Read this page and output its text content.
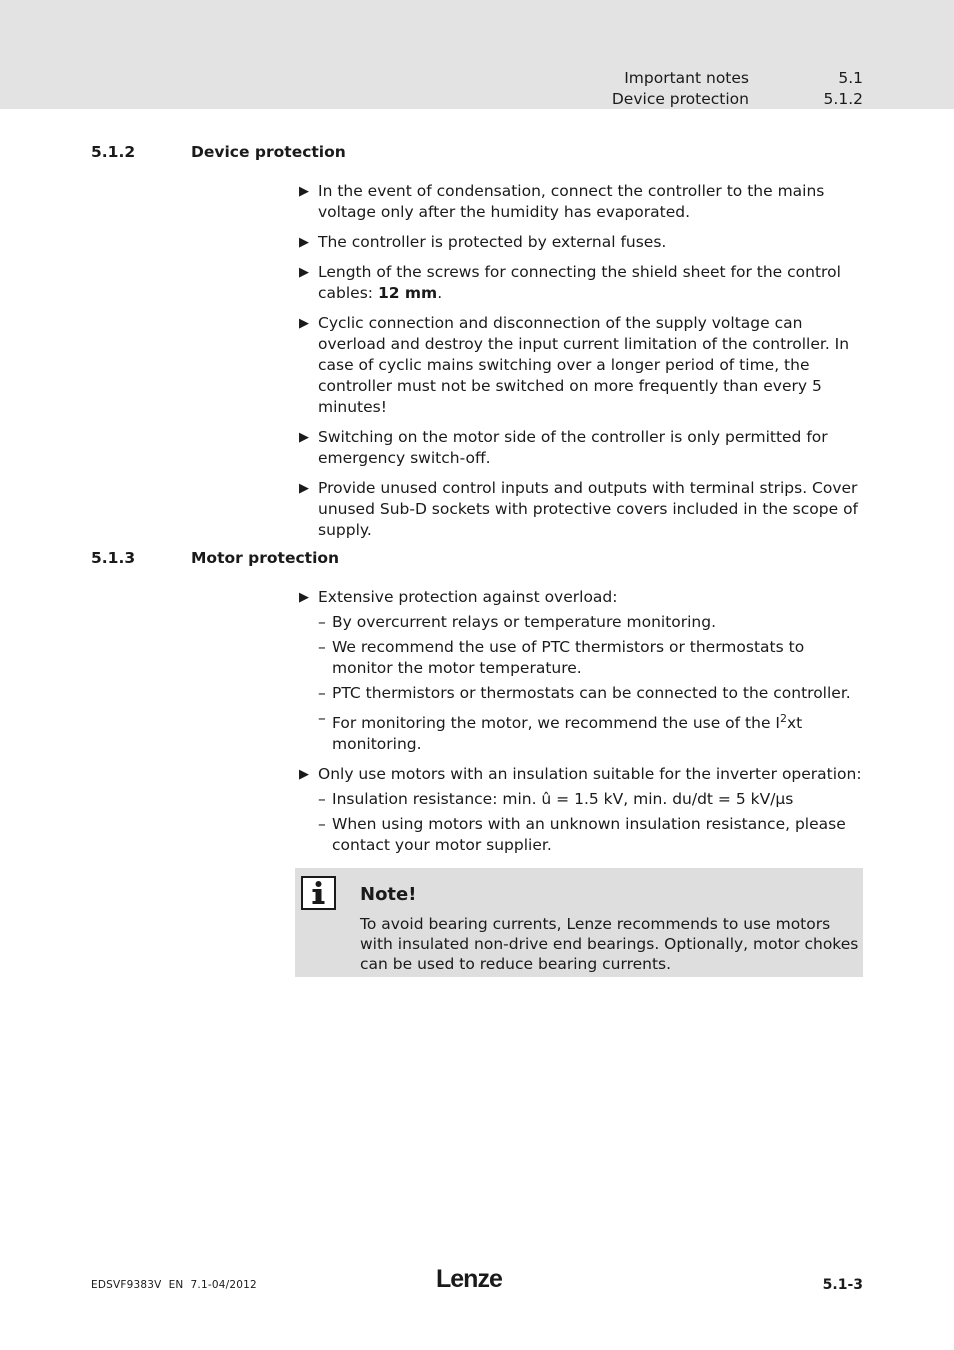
Important notes	5.1
Device protection	5.1.2
5.1.2	Device protection

▶ In the event of condensation, connect the controller to the mains voltage only after the humidity has evaporated.

▶ The controller is protected by external fuses.

▶ Length of the screws for connecting the shield sheet for the control cables: 12 mm.

▶ Cyclic connection and disconnection of the supply voltage can overload and destroy the input current limitation of the controller. In case of cyclic mains switching over a longer period of time, the controller must not be switched on more frequently than every 5 minutes!

▶ Switching on the motor side of the controller is only permitted for emergency switch-off.

▶ Provide unused control inputs and outputs with terminal strips. Cover unused Sub-D sockets with protective covers included in the scope of supply.

5.1.3	Motor protection

▶ Extensive protection against overload:

– By overcurrent relays or temperature monitoring.

– We recommend the use of PTC thermistors or thermostats to monitor the motor temperature.

– PTC thermistors or thermostats can be connected to the controller.

– For monitoring the motor, we recommend the use of the $I^2xt$ monitoring.

▶ Only use motors with an insulation suitable for the inverter operation:

– Insulation resistance: min. û = 1.5 kV, min. du/dt = 5 kV/µs

– When using motors with an unknown insulation resistance, please contact your motor supplier.

Note!
To avoid bearing currents, Lenze recommends to use motors with insulated non-drive end bearings. Optionally, motor chokes can be used to reduce bearing currents.
EDSVF9383V  EN  7.1-04/2012	Lenze	5.1-3
